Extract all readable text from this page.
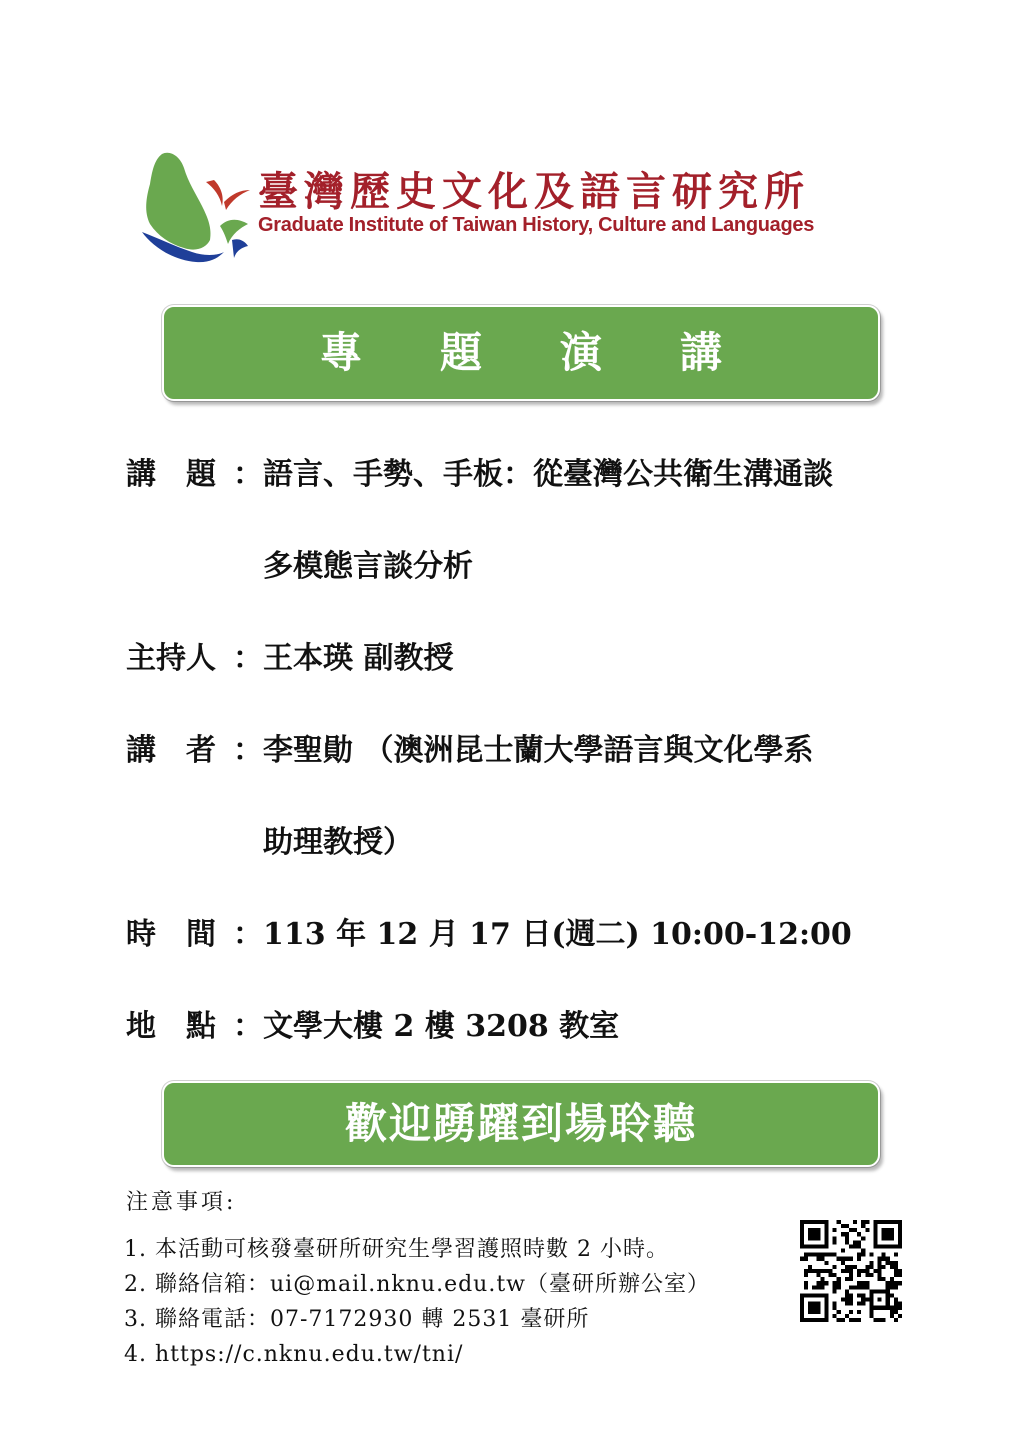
臺灣歷史文化及語言研究所
Graduate Institute of Taiwan History, Culture and Languages
專題演講
講　題 ： 語言、手勢、手板：從臺灣公共衛生溝通談
多模態言談分析
主持人 ： 王本瑛 副教授
講　者 ： 李聖勛 （澳洲昆士蘭大學語言與文化學系
助理教授）
時　間 ： 113 年 12 月 17 日(週二) 10:00-12:00
地　點 ： 文學大樓 2 樓 3208 教室
歡迎踴躍到場聆聽
注意事項:
1. 本活動可核發臺研所研究生學習護照時數 2 小時。
2. 聯絡信箱：ui@mail.nknu.edu.tw（臺研所辦公室）
3. 聯絡電話：07-7172930 轉 2531 臺研所
4. https://c.nknu.edu.tw/tni/
